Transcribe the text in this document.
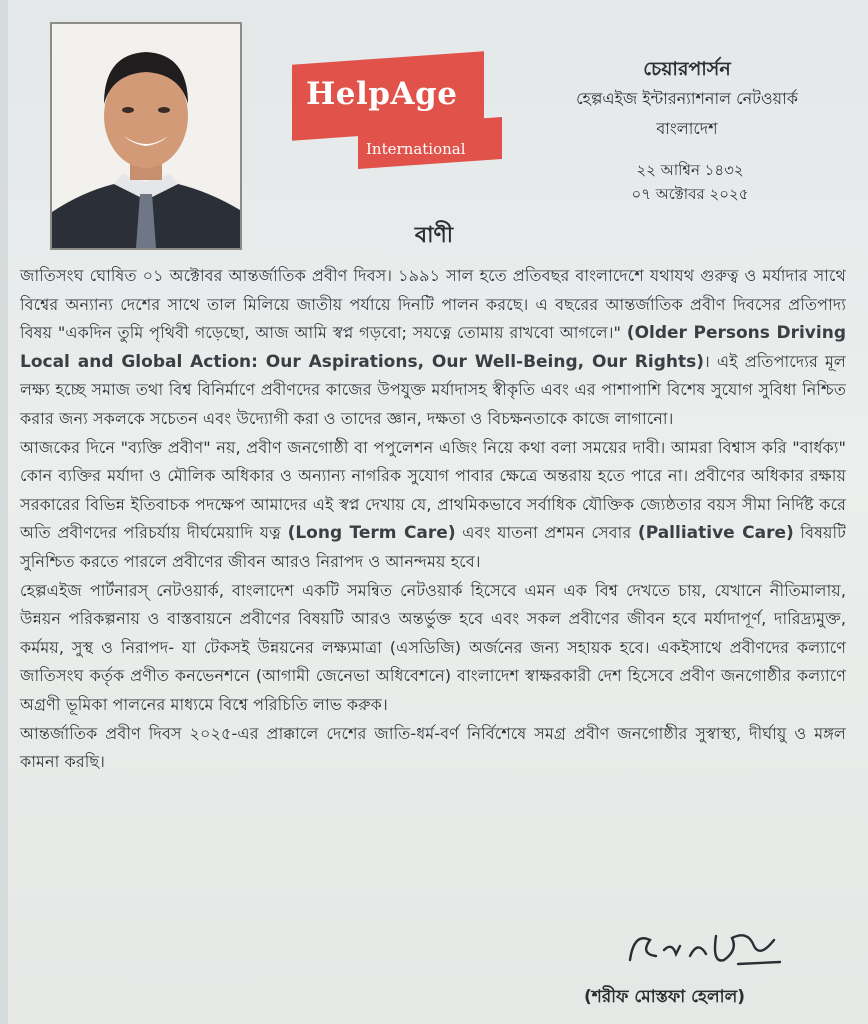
HelpAge
International
চেয়ারপার্সন
হেল্পএইজ ইন্টারন্যাশনাল নেটওয়ার্ক
বাংলাদেশ
২২ আশ্বিন ১৪৩২
০৭ অক্টোবর ২০২৫
বাণী

জাতিসংঘ ঘোষিত ০১ অক্টোবর আন্তর্জাতিক প্রবীণ দিবস। ১৯৯১ সাল হতে প্রতিবছর বাংলাদেশে যথাযথ গুরুত্ব ও মর্যাদার সাথে বিশ্বের অন্যান্য দেশের সাথে তাল মিলিয়ে জাতীয় পর্যায়ে দিনটি পালন করছে। এ বছরের আন্তর্জাতিক প্রবীণ দিবসের প্রতিপাদ্য বিষয় "একদিন তুমি পৃথিবী গড়েছো, আজ আমি স্বপ্ন গড়বো; সযত্নে তোমায় রাখবো আগলে।" (Older Persons Driving Local and Global Action: Our Aspirations, Our Well-Being, Our Rights)। এই প্রতিপাদ্যের মূল লক্ষ্য হচ্ছে সমাজ তথা বিশ্ব বিনির্মাণে প্রবীণদের কাজের উপযুক্ত মর্যাদাসহ স্বীকৃতি এবং এর পাশাপাশি বিশেষ সুযোগ সুবিধা নিশ্চিত করার জন্য সকলকে সচেতন এবং উদ্যোগী করা ও তাদের জ্ঞান, দক্ষতা ও বিচক্ষনতাকে কাজে লাগানো।

আজকের দিনে "ব্যক্তি প্রবীণ" নয়, প্রবীণ জনগোষ্ঠী বা পপুলেশন এজিং নিয়ে কথা বলা সময়ের দাবী। আমরা বিশ্বাস করি "বার্ধক্য" কোন ব্যক্তির মর্যাদা ও মৌলিক অধিকার ও অন্যান্য নাগরিক সুযোগ পাবার ক্ষেত্রে অন্তরায় হতে পারে না। প্রবীণের অধিকার রক্ষায় সরকারের বিভিন্ন ইতিবাচক পদক্ষেপ আমাদের এই স্বপ্ন দেখায় যে, প্রাথমিকভাবে সর্বাধিক যৌক্তিক জ্যেষ্ঠতার বয়স সীমা নির্দিষ্ট করে অতি প্রবীণদের পরিচর্যায় দীর্ঘমেয়াদি যত্ন (Long Term Care) এবং যাতনা প্রশমন সেবার (Palliative Care) বিষয়টি সুনিশ্চিত করতে পারলে প্রবীণের জীবন আরও নিরাপদ ও আনন্দময় হবে।

হেল্পএইজ পার্টনারস্ নেটওয়ার্ক, বাংলাদেশ একটি সমন্বিত নেটওয়ার্ক হিসেবে এমন এক বিশ্ব দেখতে চায়, যেখানে নীতিমালায়, উন্নয়ন পরিকল্পনায় ও বাস্তবায়নে প্রবীণের বিষয়টি আরও অন্তর্ভুক্ত হবে এবং সকল প্রবীণের জীবন হবে মর্যাদাপূর্ণ, দারিদ্র্যমুক্ত, কর্মময়, সুস্থ ও নিরাপদ- যা টেকসই উন্নয়নের লক্ষ্যমাত্রা (এসডিজি) অর্জনের জন্য সহায়ক হবে। একইসাথে প্রবীণদের কল্যাণে জাতিসংঘ কর্তৃক প্রণীত কনভেনশনে (আগামী জেনেভা অধিবেশনে) বাংলাদেশ স্বাক্ষরকারী দেশ হিসেবে প্রবীণ জনগোষ্ঠীর কল্যাণে অগ্রণী ভূমিকা পালনের মাধ্যমে বিশ্বে পরিচিতি লাভ করুক।

আন্তর্জাতিক প্রবীণ দিবস ২০২৫-এর প্রাক্কালে দেশের জাতি-ধর্ম-বর্ণ নির্বিশেষে সমগ্র প্রবীণ জনগোষ্ঠীর সুস্বাস্থ্য, দীর্ঘায়ু ও মঙ্গল কামনা করছি।

(শরীফ মোস্তফা হেলাল)
